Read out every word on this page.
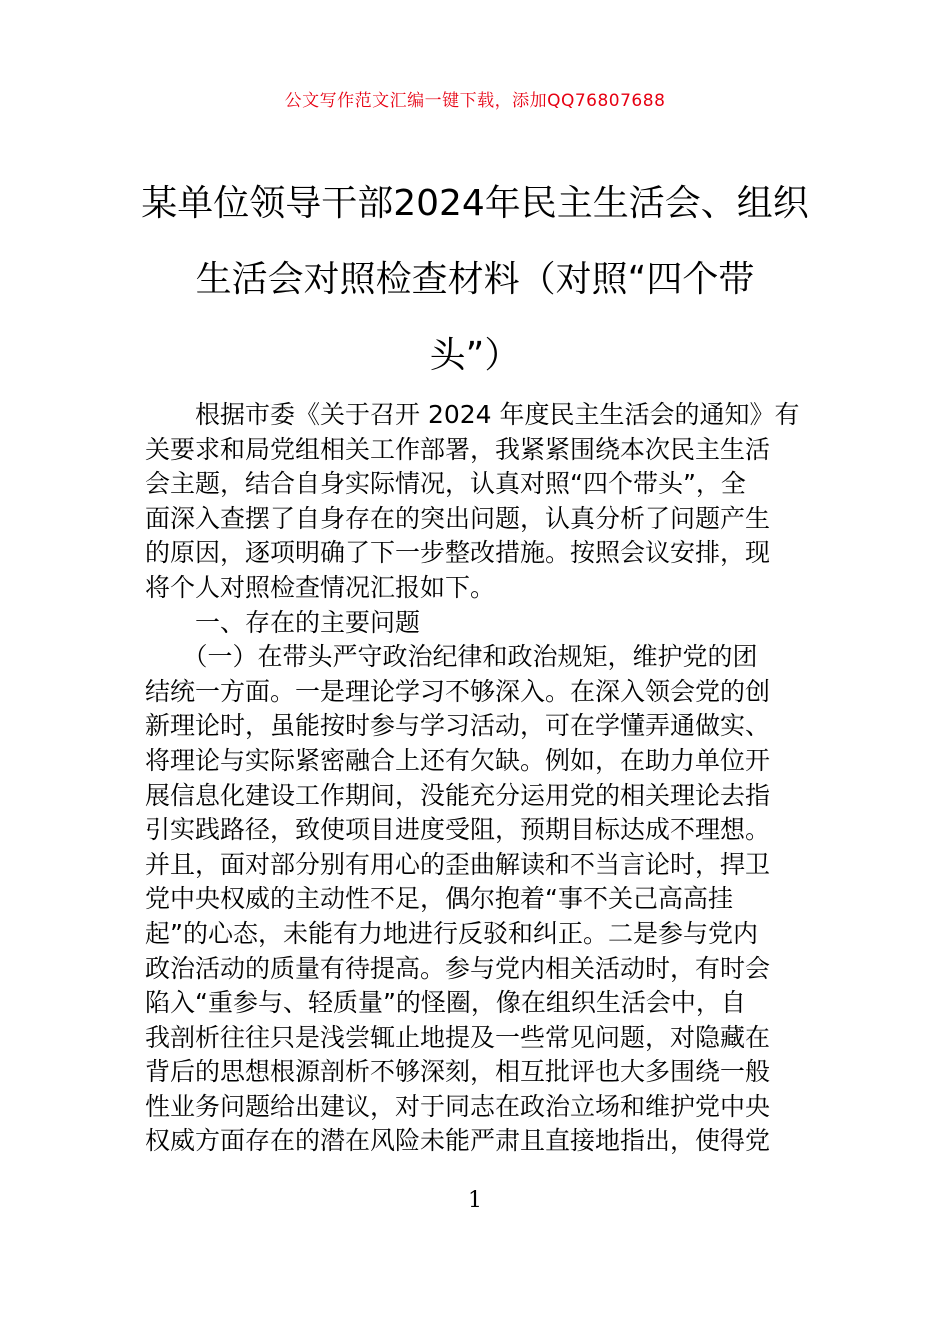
公文写作范文汇编一键下载，添加QQ76807688
某单位领导干部2024年民主生活会、组织
生活会对照检查材料（对照“四个带
头”）
　　根据市委《关于召开 2024 年度民主生活会的通知》有
关要求和局党组相关工作部署，我紧紧围绕本次民主生活
会主题，结合自身实际情况，认真对照“四个带头”，全
面深入查摆了自身存在的突出问题，认真分析了问题产生
的原因，逐项明确了下一步整改措施。按照会议安排，现
将个人对照检查情况汇报如下。
　　一、存在的主要问题
　　（一）在带头严守政治纪律和政治规矩，维护党的团
结统一方面。一是理论学习不够深入。在深入领会党的创
新理论时，虽能按时参与学习活动，可在学懂弄通做实、
将理论与实际紧密融合上还有欠缺。例如，在助力单位开
展信息化建设工作期间，没能充分运用党的相关理论去指
引实践路径，致使项目进度受阻，预期目标达成不理想。
并且，面对部分别有用心的歪曲解读和不当言论时，捍卫
党中央权威的主动性不足，偶尔抱着“事不关己高高挂
起”的心态，未能有力地进行反驳和纠正。二是参与党内
政治活动的质量有待提高。参与党内相关活动时，有时会
陷入“重参与、轻质量”的怪圈，像在组织生活会中，自
我剖析往往只是浅尝辄止地提及一些常见问题，对隐藏在
背后的思想根源剖析不够深刻，相互批评也大多围绕一般
性业务问题给出建议，对于同志在政治立场和维护党中央
权威方面存在的潜在风险未能严肃且直接地指出，使得党
1
